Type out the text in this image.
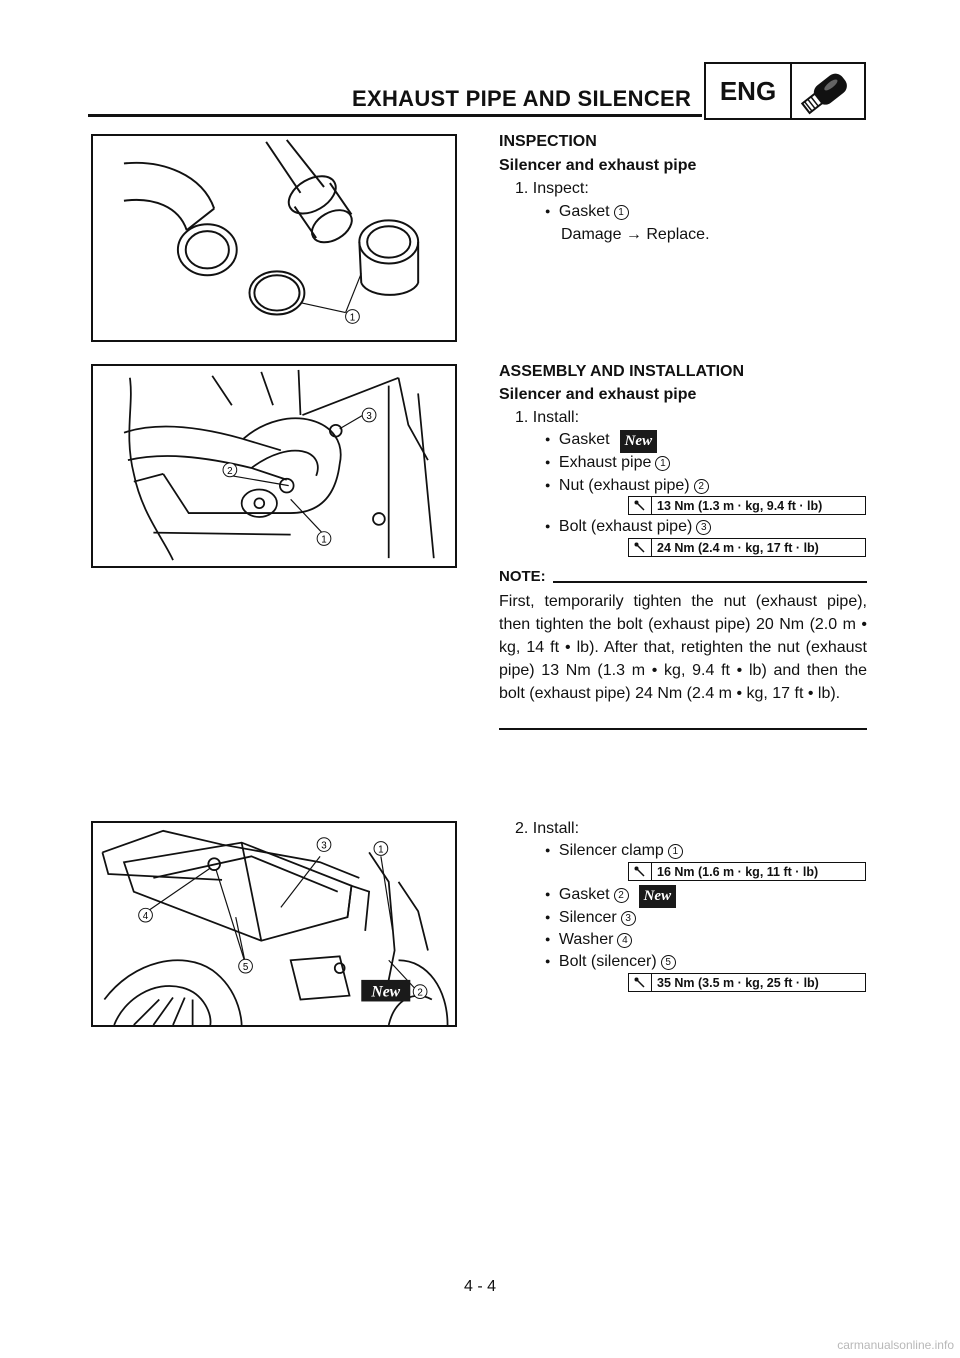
EXHAUST PIPE AND SILENCER	ENG
1
INSPECTION
Silencer and exhaust pipe
1. Inspect:
● Gasket 1
Damage → Replace.
2
1
3
ASSEMBLY AND INSTALLATION
Silencer and exhaust pipe
1. Install:
● Gasket New
● Exhaust pipe 1
● Nut (exhaust pipe) 2
13 Nm (1.3 m · kg, 9.4 ft · lb)
● Bolt (exhaust pipe) 3
24 Nm (2.4 m · kg, 17 ft · lb)
NOTE:
First, temporarily tighten the nut (exhaust pipe), then tighten the bolt (exhaust pipe) 20 Nm (2.0 m • kg, 14 ft • lb). After that, retighten the nut (exhaust pipe) 13 Nm (1.3 m • kg, 9.4 ft • lb) and then the bolt (exhaust pipe) 24 Nm (2.4 m • kg, 17 ft • lb).
3	1
4
5
New 2
2. Install:
● Silencer clamp 1
16 Nm (1.6 m · kg, 11 ft · lb)
● Gasket 2 New
● Silencer 3
● Washer 4
● Bolt (silencer) 5
35 Nm (3.5 m · kg, 25 ft · lb)
4 - 4
carmanualsonline.info
